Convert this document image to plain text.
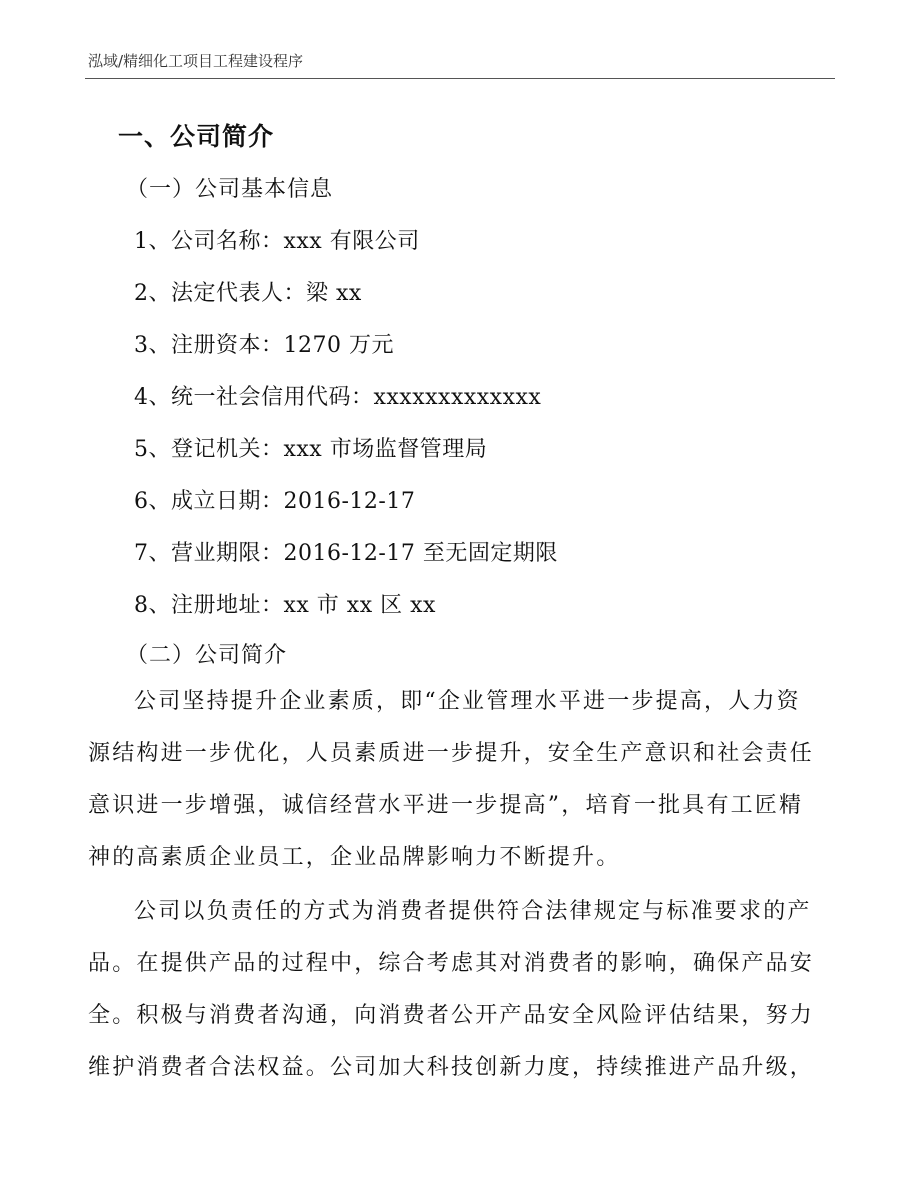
泓域/精细化工项目工程建设程序
一、公司简介
（一）公司基本信息
1、公司名称：xxx 有限公司
2、法定代表人：梁 xx
3、注册资本：1270 万元
4、统一社会信用代码：xxxxxxxxxxxxx
5、登记机关：xxx 市场监督管理局
6、成立日期：2016-12-17
7、营业期限：2016-12-17 至无固定期限
8、注册地址：xx 市 xx 区 xx
（二）公司简介
公司坚持提升企业素质，即“企业管理水平进一步提高，人力资
源结构进一步优化，人员素质进一步提升，安全生产意识和社会责任
意识进一步增强，诚信经营水平进一步提高”，培育一批具有工匠精
神的高素质企业员工，企业品牌影响力不断提升。
公司以负责任的方式为消费者提供符合法律规定与标准要求的产
品。在提供产品的过程中，综合考虑其对消费者的影响，确保产品安
全。积极与消费者沟通，向消费者公开产品安全风险评估结果，努力
维护消费者合法权益。公司加大科技创新力度，持续推进产品升级，
